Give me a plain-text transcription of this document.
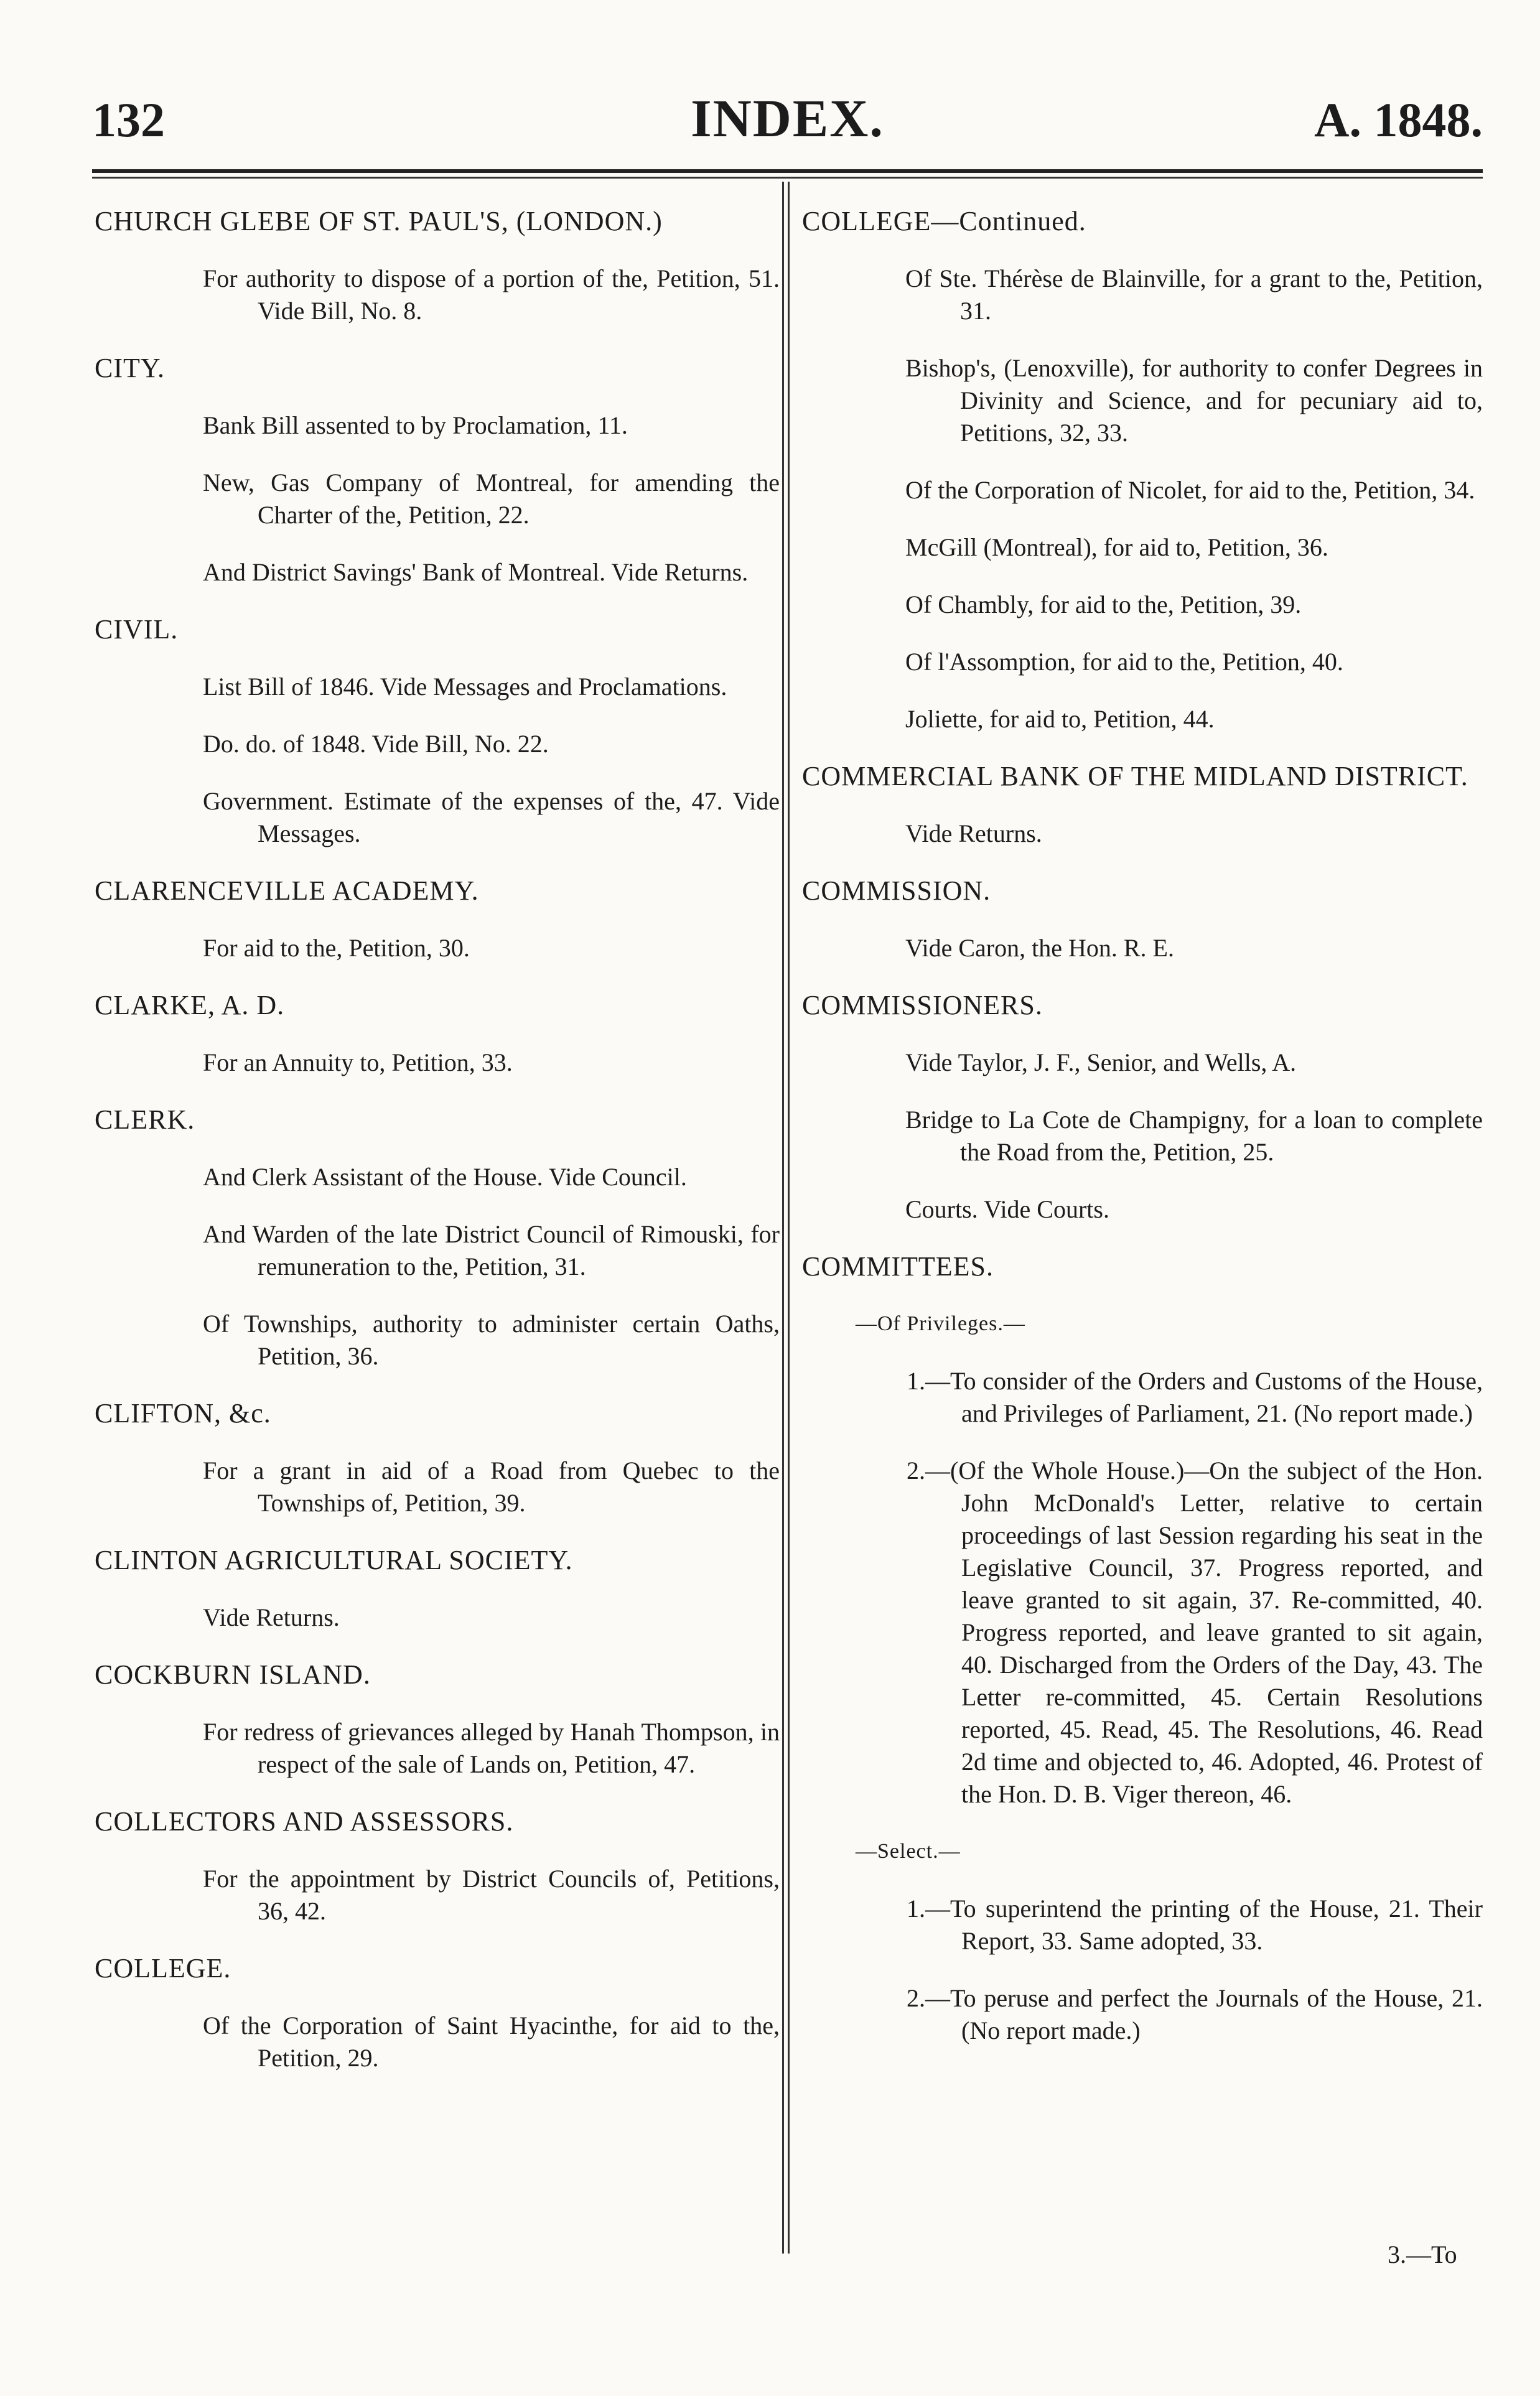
132	INDEX.	A. 1848.
CHURCH GLEBE OF ST. PAUL'S, (LONDON.)
For authority to dispose of a portion of the, Petition, 51. Vide Bill, No. 8.
CITY.
Bank Bill assented to by Proclamation, 11.
New, Gas Company of Montreal, for amending the Charter of the, Petition, 22.
And District Savings' Bank of Montreal. Vide Returns.
CIVIL.
List Bill of 1846. Vide Messages and Proclamations.
Do. do. of 1848. Vide Bill, No. 22.
Government. Estimate of the expenses of the, 47. Vide Messages.
CLARENCEVILLE ACADEMY.
For aid to the, Petition, 30.
CLARKE, A. D.
For an Annuity to, Petition, 33.
CLERK.
And Clerk Assistant of the House. Vide Council.
And Warden of the late District Council of Rimouski, for remuneration to the, Petition, 31.
Of Townships, authority to administer certain Oaths, Petition, 36.
CLIFTON, &c.
For a grant in aid of a Road from Quebec to the Townships of, Petition, 39.
CLINTON AGRICULTURAL SOCIETY.
Vide Returns.
COCKBURN ISLAND.
For redress of grievances alleged by Hanah Thompson, in respect of the sale of Lands on, Petition, 47.
COLLECTORS AND ASSESSORS.
For the appointment by District Councils of, Petitions, 36, 42.
COLLEGE.
Of the Corporation of Saint Hyacinthe, for aid to the, Petition, 29.
COLLEGE—Continued.
Of Ste. Thérèse de Blainville, for a grant to the, Petition, 31.
Bishop's, (Lenoxville), for authority to confer Degrees in Divinity and Science, and for pecuniary aid to, Petitions, 32, 33.
Of the Corporation of Nicolet, for aid to the, Petition, 34.
McGill (Montreal), for aid to, Petition, 36.
Of Chambly, for aid to the, Petition, 39.
Of l'Assomption, for aid to the, Petition, 40.
Joliette, for aid to, Petition, 44.
COMMERCIAL BANK OF THE MIDLAND DISTRICT.
Vide Returns.
COMMISSION.
Vide Caron, the Hon. R. E.
COMMISSIONERS.
Vide Taylor, J. F., Senior, and Wells, A.
Bridge to La Cote de Champigny, for a loan to complete the Road from the, Petition, 25.
Courts. Vide Courts.
COMMITTEES.
—Of Privileges.—
1.—To consider of the Orders and Customs of the House, and Privileges of Parliament, 21. (No report made.)
2.—(Of the Whole House.)—On the subject of the Hon. John McDonald's Letter, relative to certain proceedings of last Session regarding his seat in the Legislative Council, 37. Progress reported, and leave granted to sit again, 37. Re-committed, 40. Progress reported, and leave granted to sit again, 40. Discharged from the Orders of the Day, 43. The Letter re-committed, 45. Certain Resolutions reported, 45. Read, 45. The Resolutions, 46. Read 2d time and objected to, 46. Adopted, 46. Protest of the Hon. D. B. Viger thereon, 46.
—Select.—
1.—To superintend the printing of the House, 21. Their Report, 33. Same adopted, 33.
2.—To peruse and perfect the Journals of the House, 21. (No report made.)
3.—To
